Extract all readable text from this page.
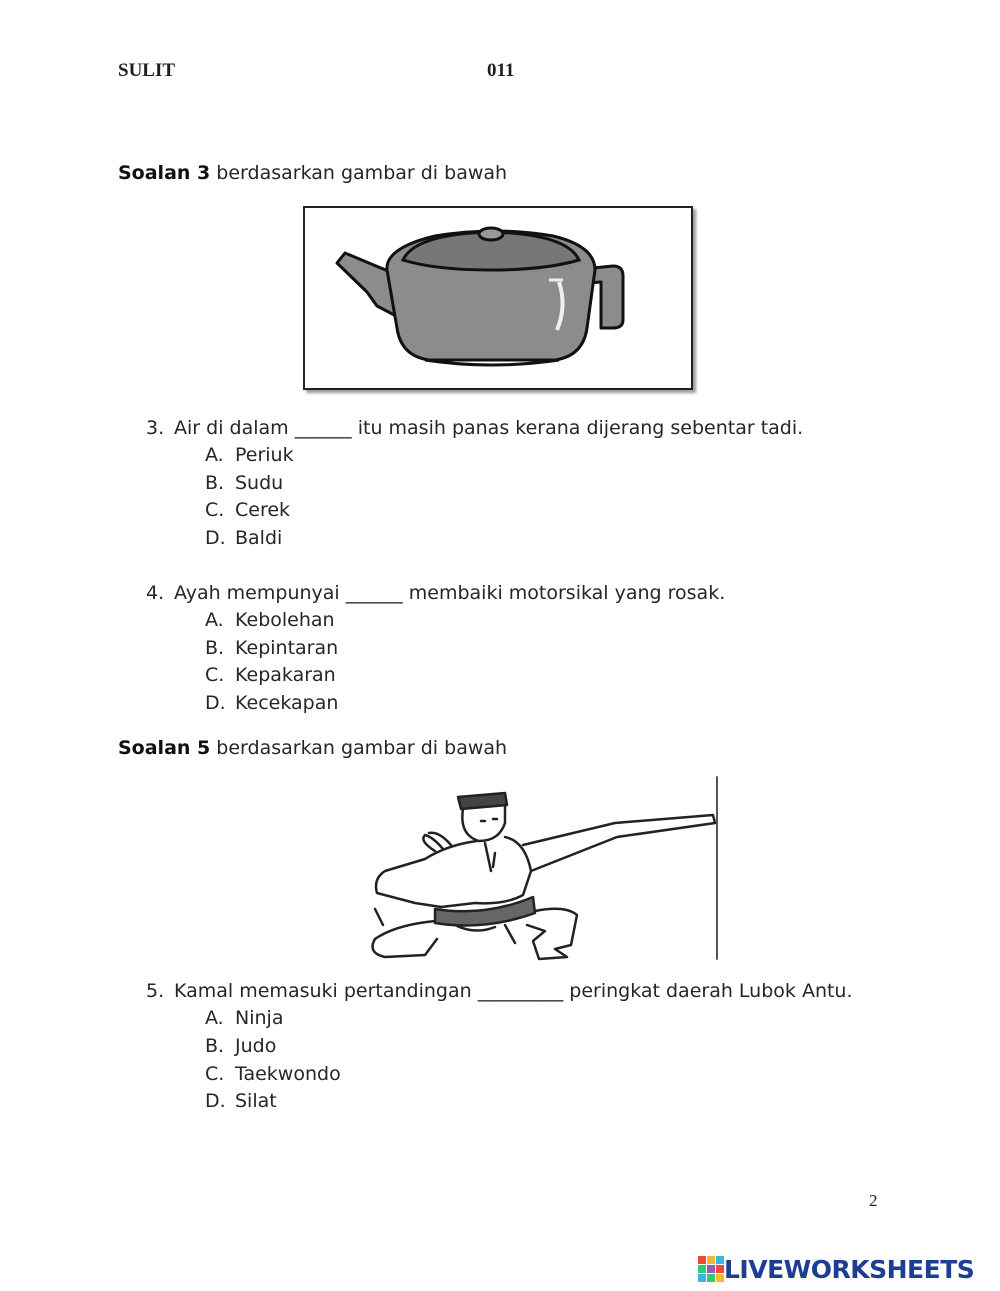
SULIT	011
Soalan 3 berdasarkan gambar di bawah
3. Air di dalam ______ itu masih panas kerana dijerang sebentar tadi.
A. Periuk
B. Sudu
C. Cerek
D. Baldi
4. Ayah mempunyai ______ membaiki motorsikal yang rosak.
A. Kebolehan
B. Kepintaran
C. Kepakaran
D. Kecekapan
Soalan 5 berdasarkan gambar di bawah
5. Kamal memasuki pertandingan _________ peringkat daerah Lubok Antu.
A. Ninja
B. Judo
C. Taekwondo
D. Silat
2
LIVEWORKSHEETS
